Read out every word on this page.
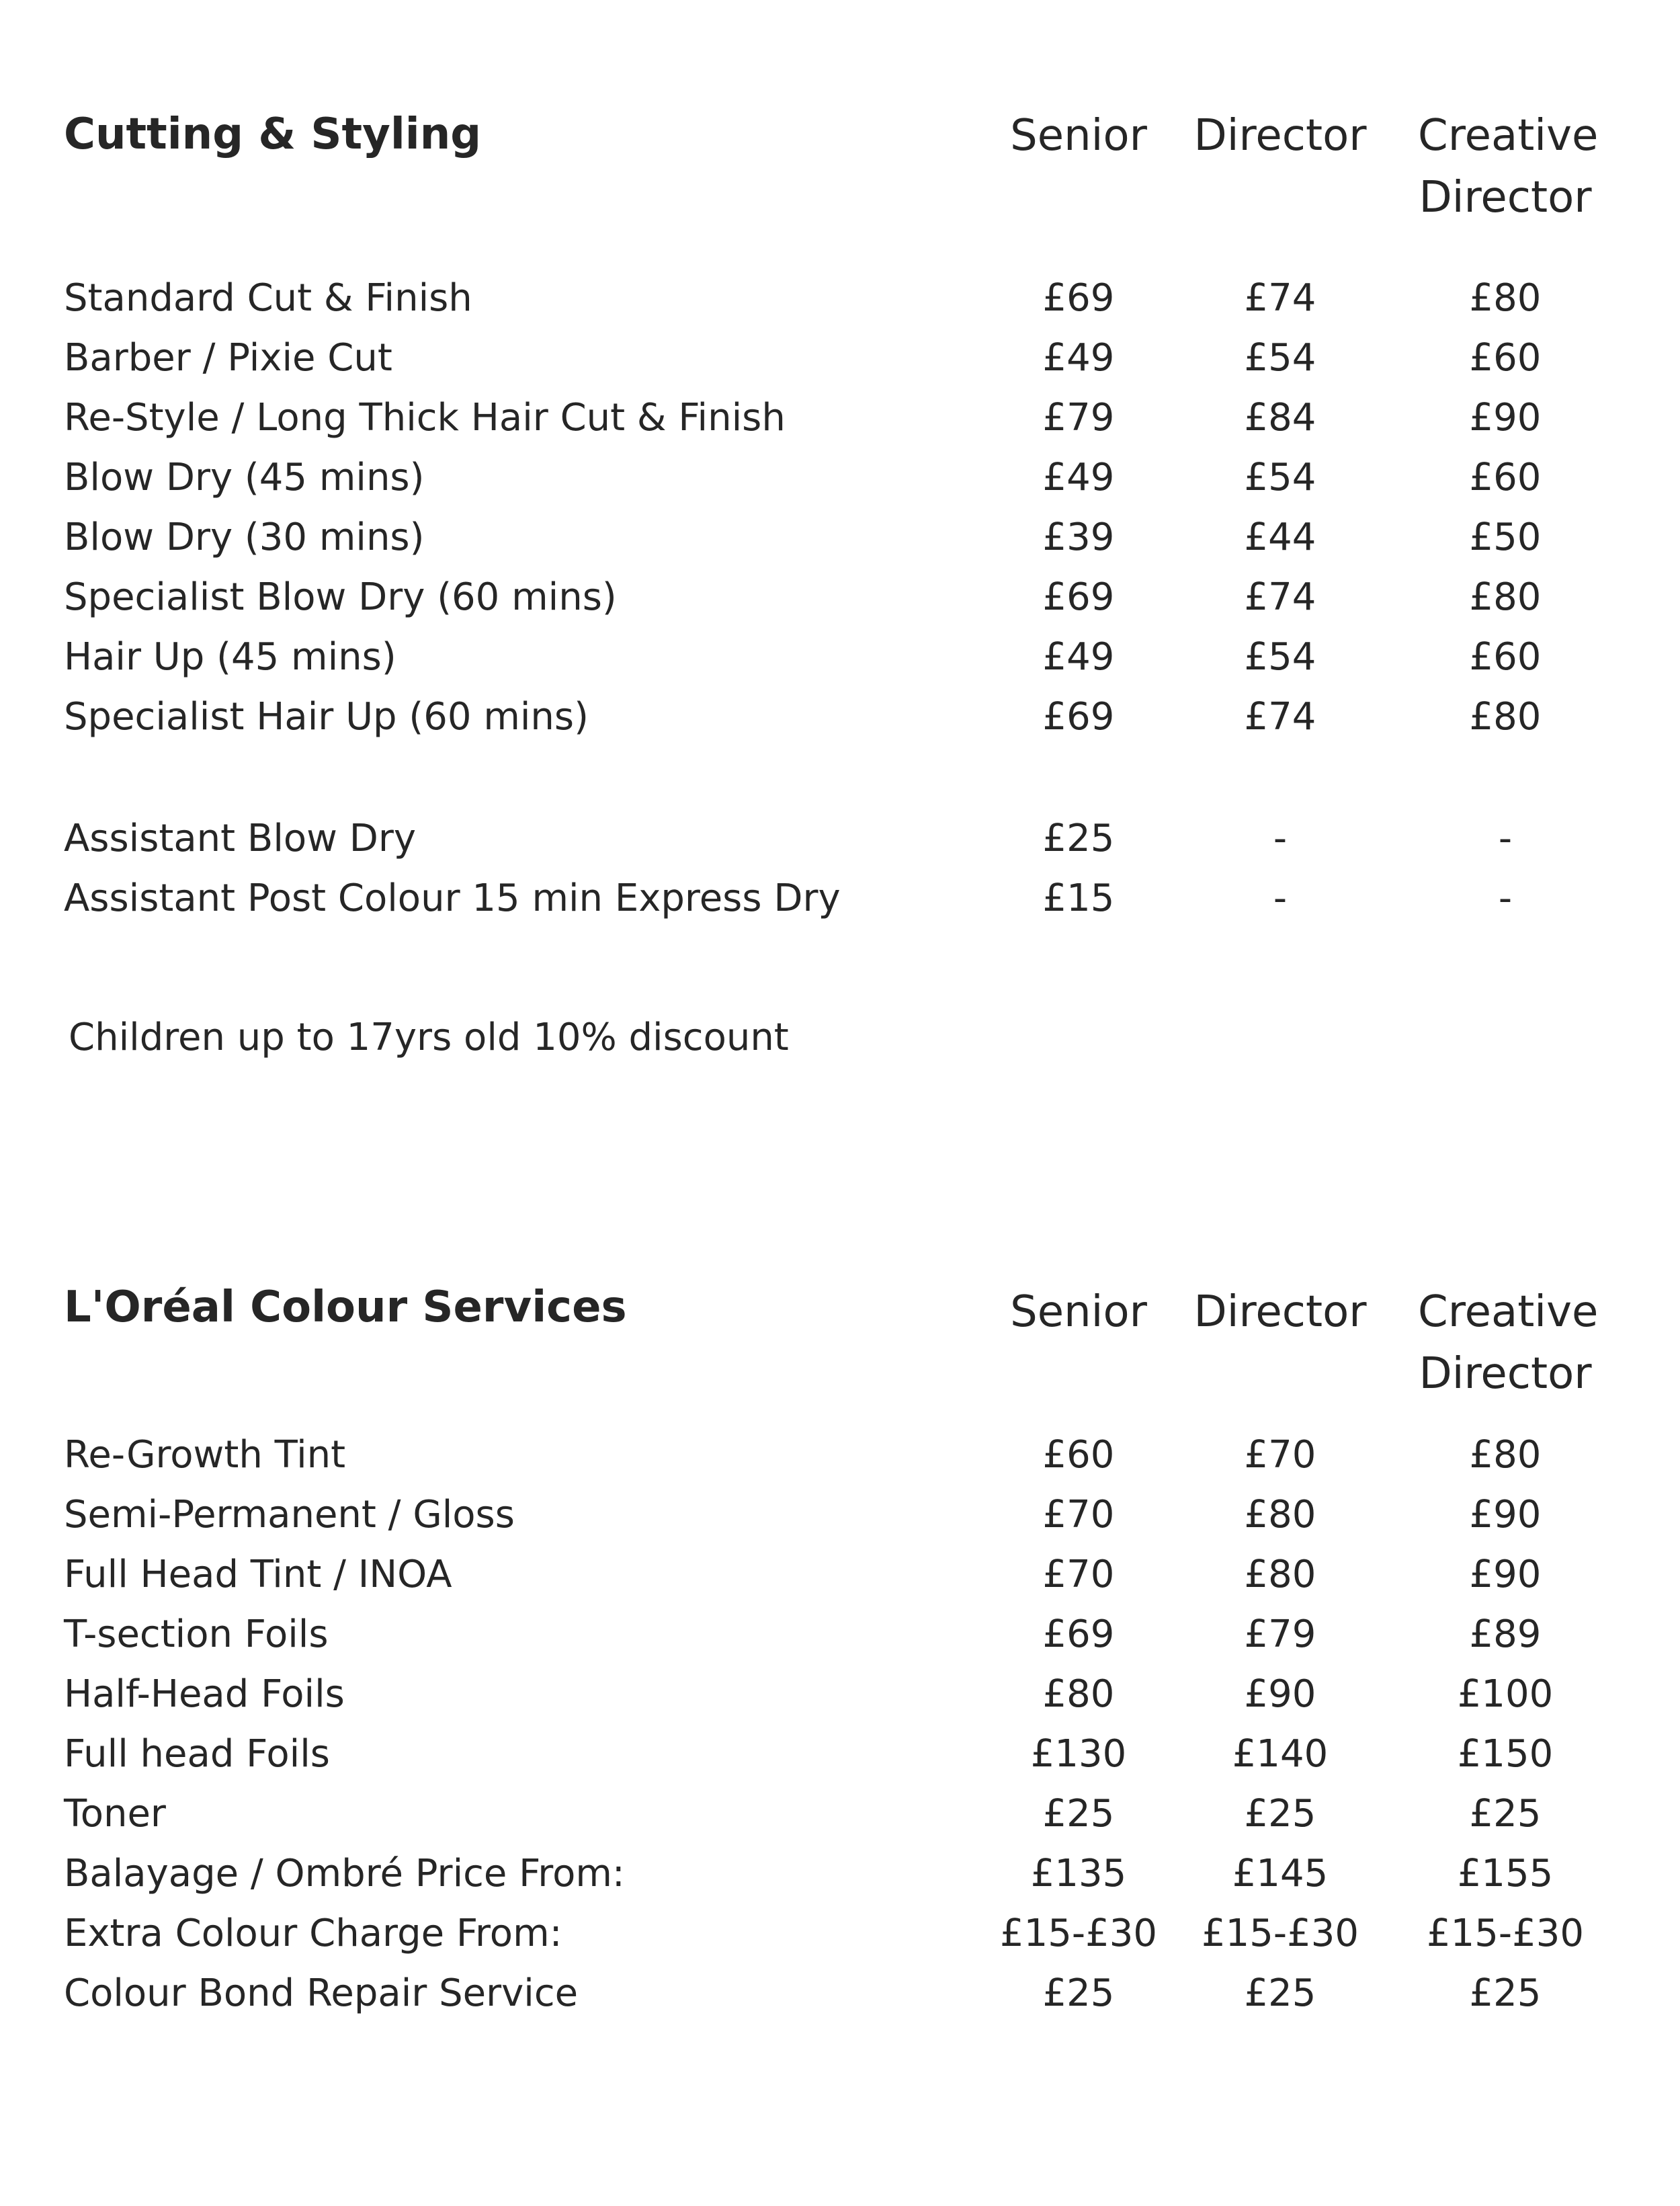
Cutting & Styling	Senior	Director	Creative Director
Standard Cut & Finish	£69	£74	£80
Barber / Pixie Cut	£49	£54	£60
Re-Style / Long Thick Hair Cut & Finish	£79	£84	£90
Blow Dry (45 mins)	£49	£54	£60
Blow Dry (30 mins)	£39	£44	£50
Specialist Blow Dry (60 mins)	£69	£74	£80
Hair Up (45 mins)	£49	£54	£60
Specialist Hair Up (60 mins)	£69	£74	£80
Assistant Blow Dry	£25	-	-
Assistant Post Colour 15 min Express Dry	£15	-	-
Children up to 17yrs old 10% discount
L'Oréal Colour Services	Senior	Director	Creative Director
Re-Growth Tint	£60	£70	£80
Semi-Permanent / Gloss	£70	£80	£90
Full Head Tint / INOA	£70	£80	£90
T-section Foils	£69	£79	£89
Half-Head Foils	£80	£90	£100
Full head Foils	£130	£140	£150
Toner	£25	£25	£25
Balayage / Ombré Price From:	£135	£145	£155
Extra Colour Charge From:	£15-£30	£15-£30	£15-£30
Colour Bond Repair Service	£25	£25	£25
